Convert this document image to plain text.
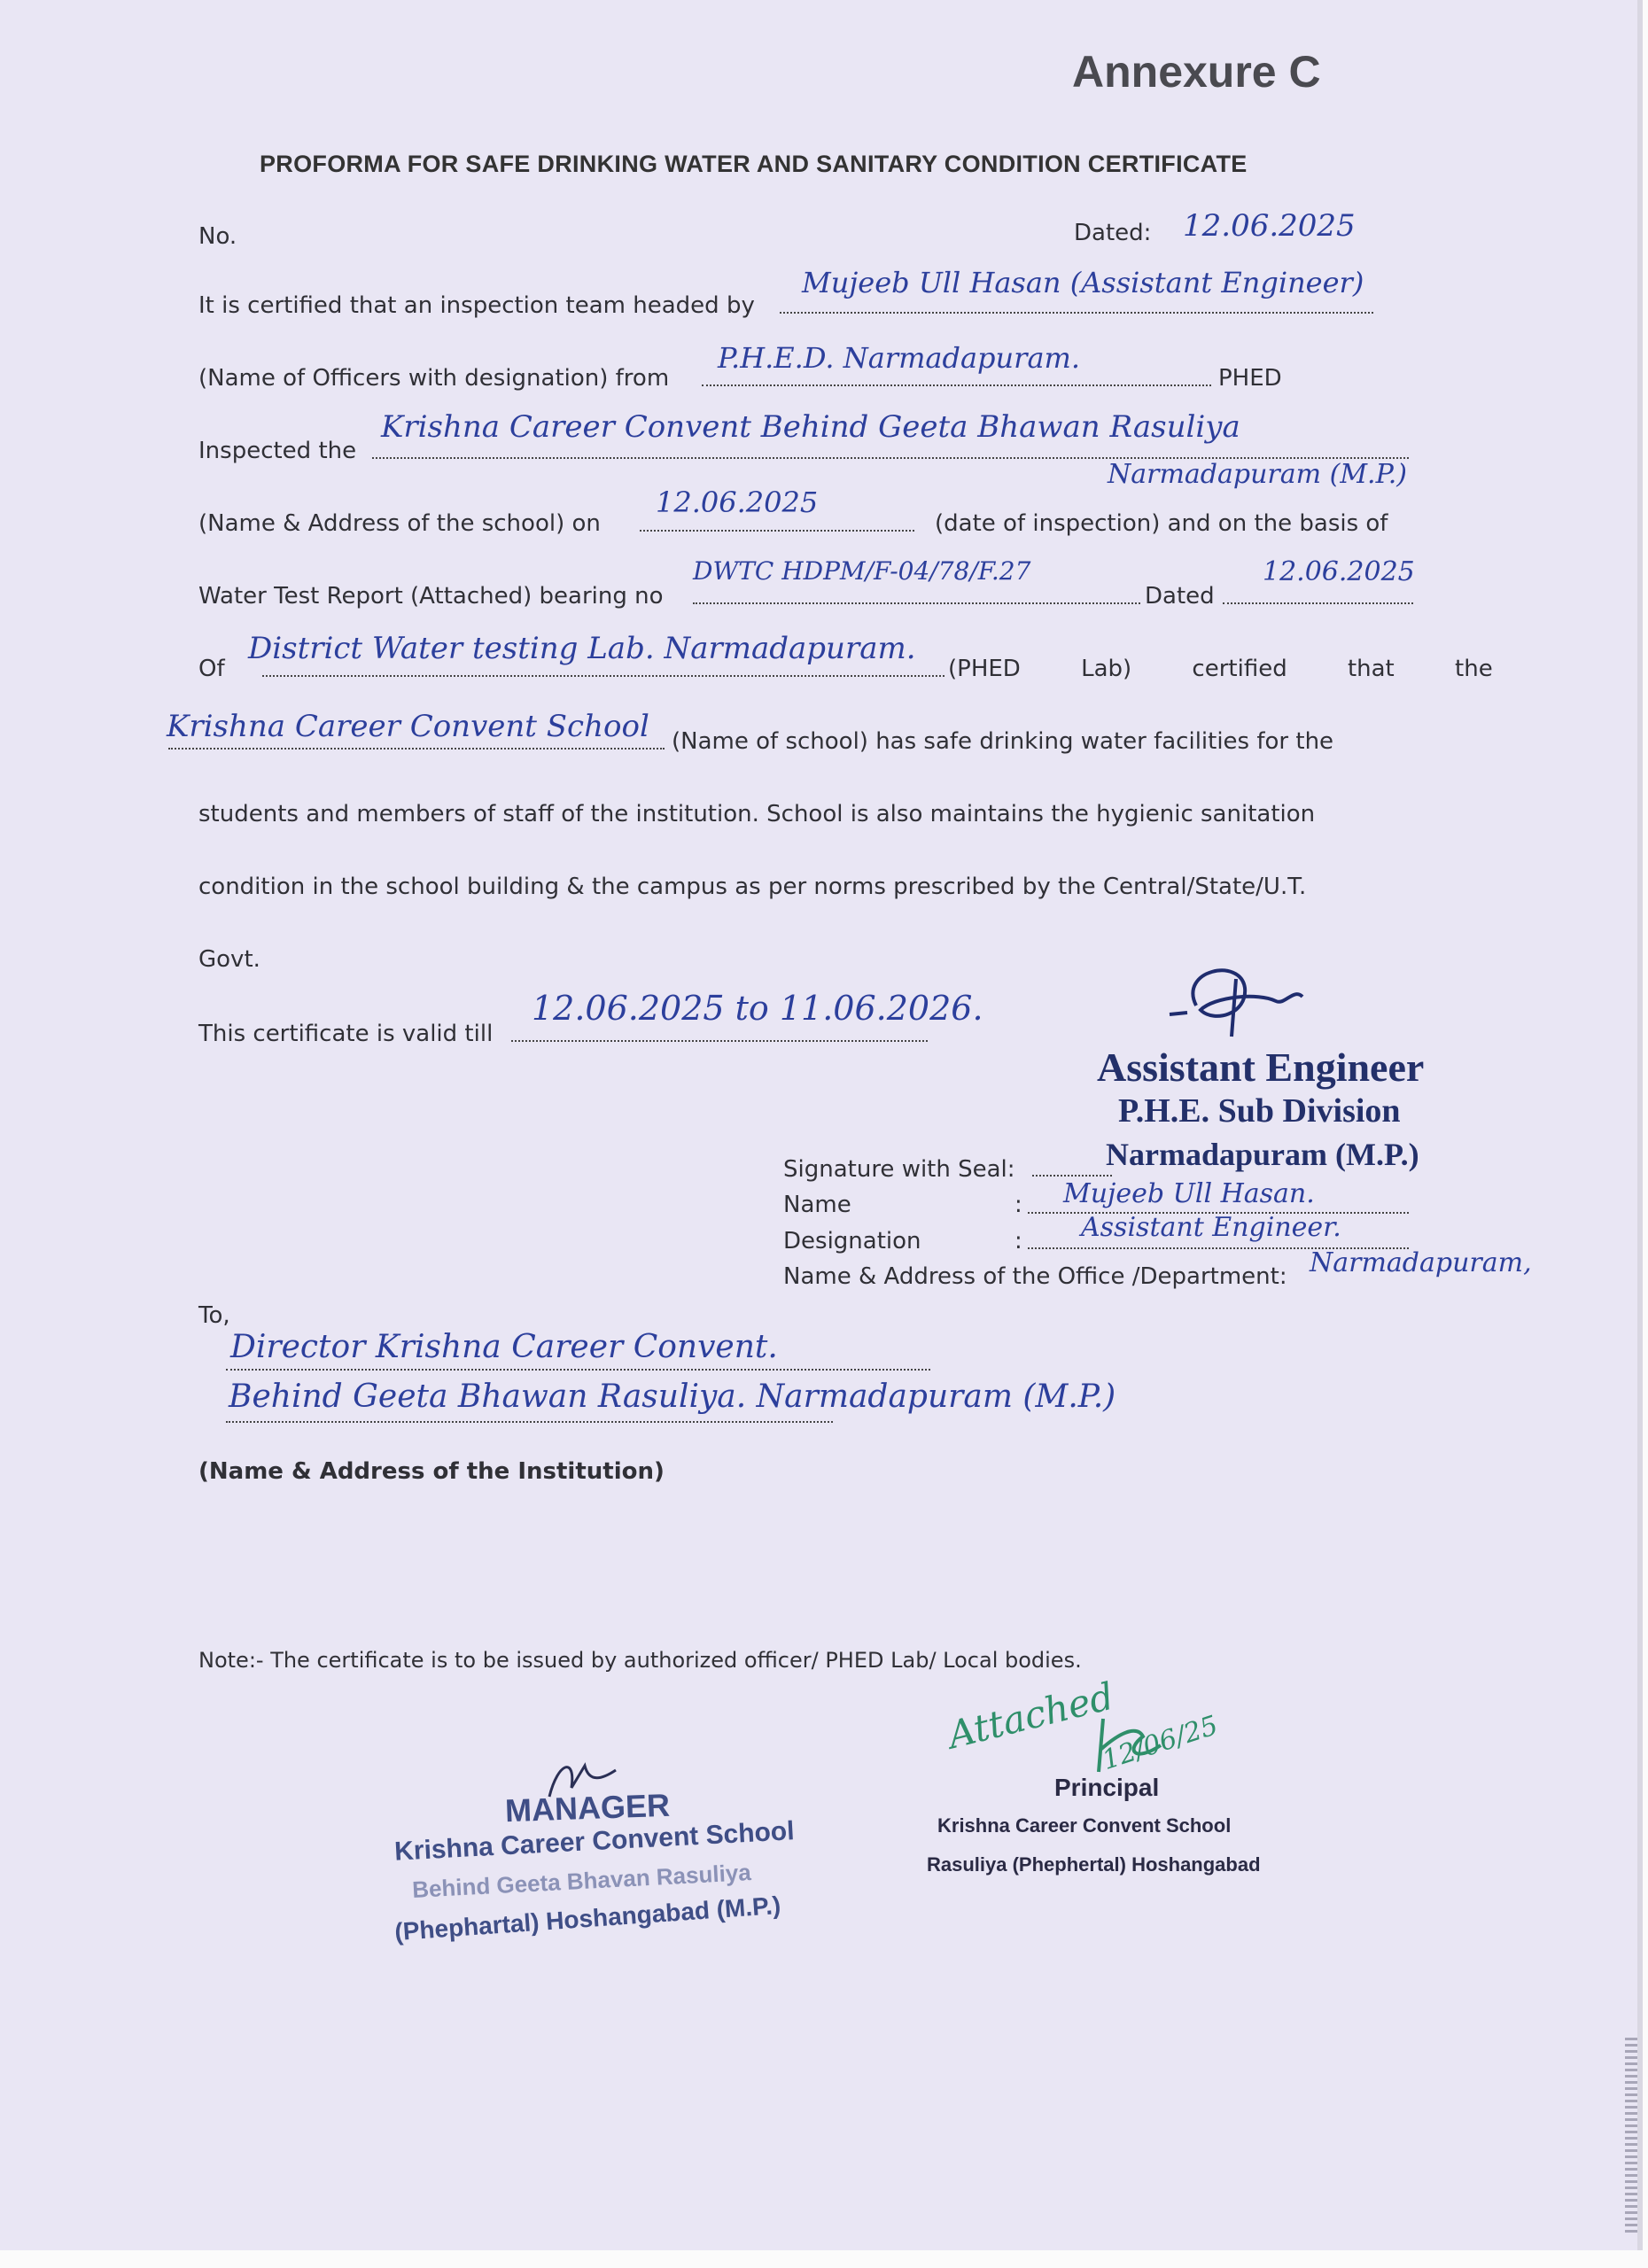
Annexure C
PROFORMA FOR SAFE DRINKING WATER AND SANITARY CONDITION CERTIFICATE
No.	Dated: 12.06.2025
It is certified that an inspection team headed by
Mujeeb Ull Hasan (Assistant Engineer)
(Name of Officers with designation) from
P.H.E.D. Narmadapuram.
PHED
Inspected the
Krishna Career Convent Behind Geeta Bhawan Rasuliya
Narmadapuram (M.P.)
(Name & Address of the school) on
12.06.2025
(date of inspection) and on the basis of
Water Test Report (Attached) bearing no
DWTC HDPM/F-04/78/F.27
Dated
12.06.2025
Of
District Water testing Lab. Narmadapuram.
(PHED Lab) certified that the
Krishna Career Convent School (Name of school) has safe drinking water facilities for the
students and members of staff of the institution. School is also maintains the hygienic sanitation
condition in the school building & the campus as per norms prescribed by the Central/State/U.T.
Govt.
This certificate is valid till
12.06.2025 to 11.06.2026.
Assistant Engineer
P.H.E. Sub Division
Narmadapuram (M.P.)
Signature with Seal:
Name	: Mujeeb Ull Hasan.
Designation	: Assistant Engineer.
Name & Address of the Office /Department: Narmadapuram,
To,
Director Krishna Career Convent.
Behind Geeta Bhawan Rasuliya. Narmadapuram (M.P.)
(Name & Address of the Institution)
Note:- The certificate is to be issued by authorized officer/ PHED Lab/ Local bodies.
MANAGER
Krishna Career Convent School
Behind Geeta Bhavan Rasuliya
(Phephartal) Hoshangabad (M.P.)
Attached
12/06/25
Principal
Krishna Career Convent School
Rasuliya (Phephertal) Hoshangabad
